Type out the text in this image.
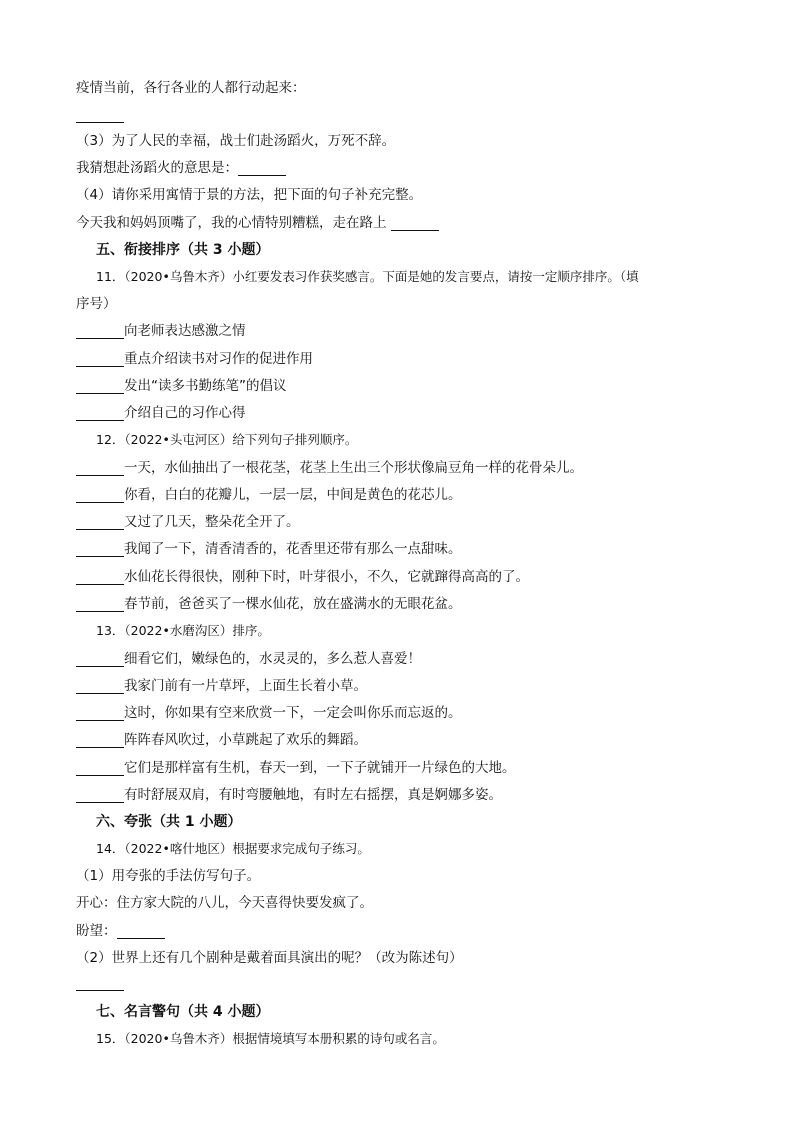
疫情当前，各行各业的人都行动起来：
（3）为了人民的幸福，战士们赴汤蹈火，万死不辞。
我猜想赴汤蹈火的意思是：
（4）请你采用寓情于景的方法，把下面的句子补充完整。
今天我和妈妈顶嘴了，我的心情特别糟糕，走在路上
五、衔接排序（共 3 小题）
11．（2020•乌鲁木齐）小红要发表习作获奖感言。下面是她的发言要点，请按一定顺序排序。（填
序号）
向老师表达感激之情
重点介绍读书对习作的促进作用
发出“读多书勤练笔”的倡议
介绍自己的习作心得
12．（2022•头屯河区）给下列句子排列顺序。
一天，水仙抽出了一根花茎，花茎上生出三个形状像扁豆角一样的花骨朵儿。
你看，白白的花瓣儿，一层一层，中间是黄色的花芯儿。
又过了几天，整朵花全开了。
我闻了一下，清香清香的，花香里还带有那么一点甜味。
水仙花长得很快，刚种下时，叶芽很小，不久，它就蹿得高高的了。
春节前，爸爸买了一棵水仙花，放在盛满水的无眼花盆。
13．（2022•水磨沟区）排序。
细看它们，嫩绿色的，水灵灵的，多么惹人喜爱！
我家门前有一片草坪，上面生长着小草。
这时，你如果有空来欣赏一下，一定会叫你乐而忘返的。
阵阵春风吹过，小草跳起了欢乐的舞蹈。
它们是那样富有生机，春天一到，一下子就铺开一片绿色的大地。
有时舒展双肩，有时弯腰触地，有时左右摇摆，真是婀娜多姿。
六、夸张（共 1 小题）
14．（2022•喀什地区）根据要求完成句子练习。
（1）用夸张的手法仿写句子。
开心：住方家大院的八儿，今天喜得快要发疯了。
盼望：
（2）世界上还有几个剧种是戴着面具演出的呢？（改为陈述句）
七、名言警句（共 4 小题）
15．（2020•乌鲁木齐）根据情境填写本册积累的诗句或名言。
